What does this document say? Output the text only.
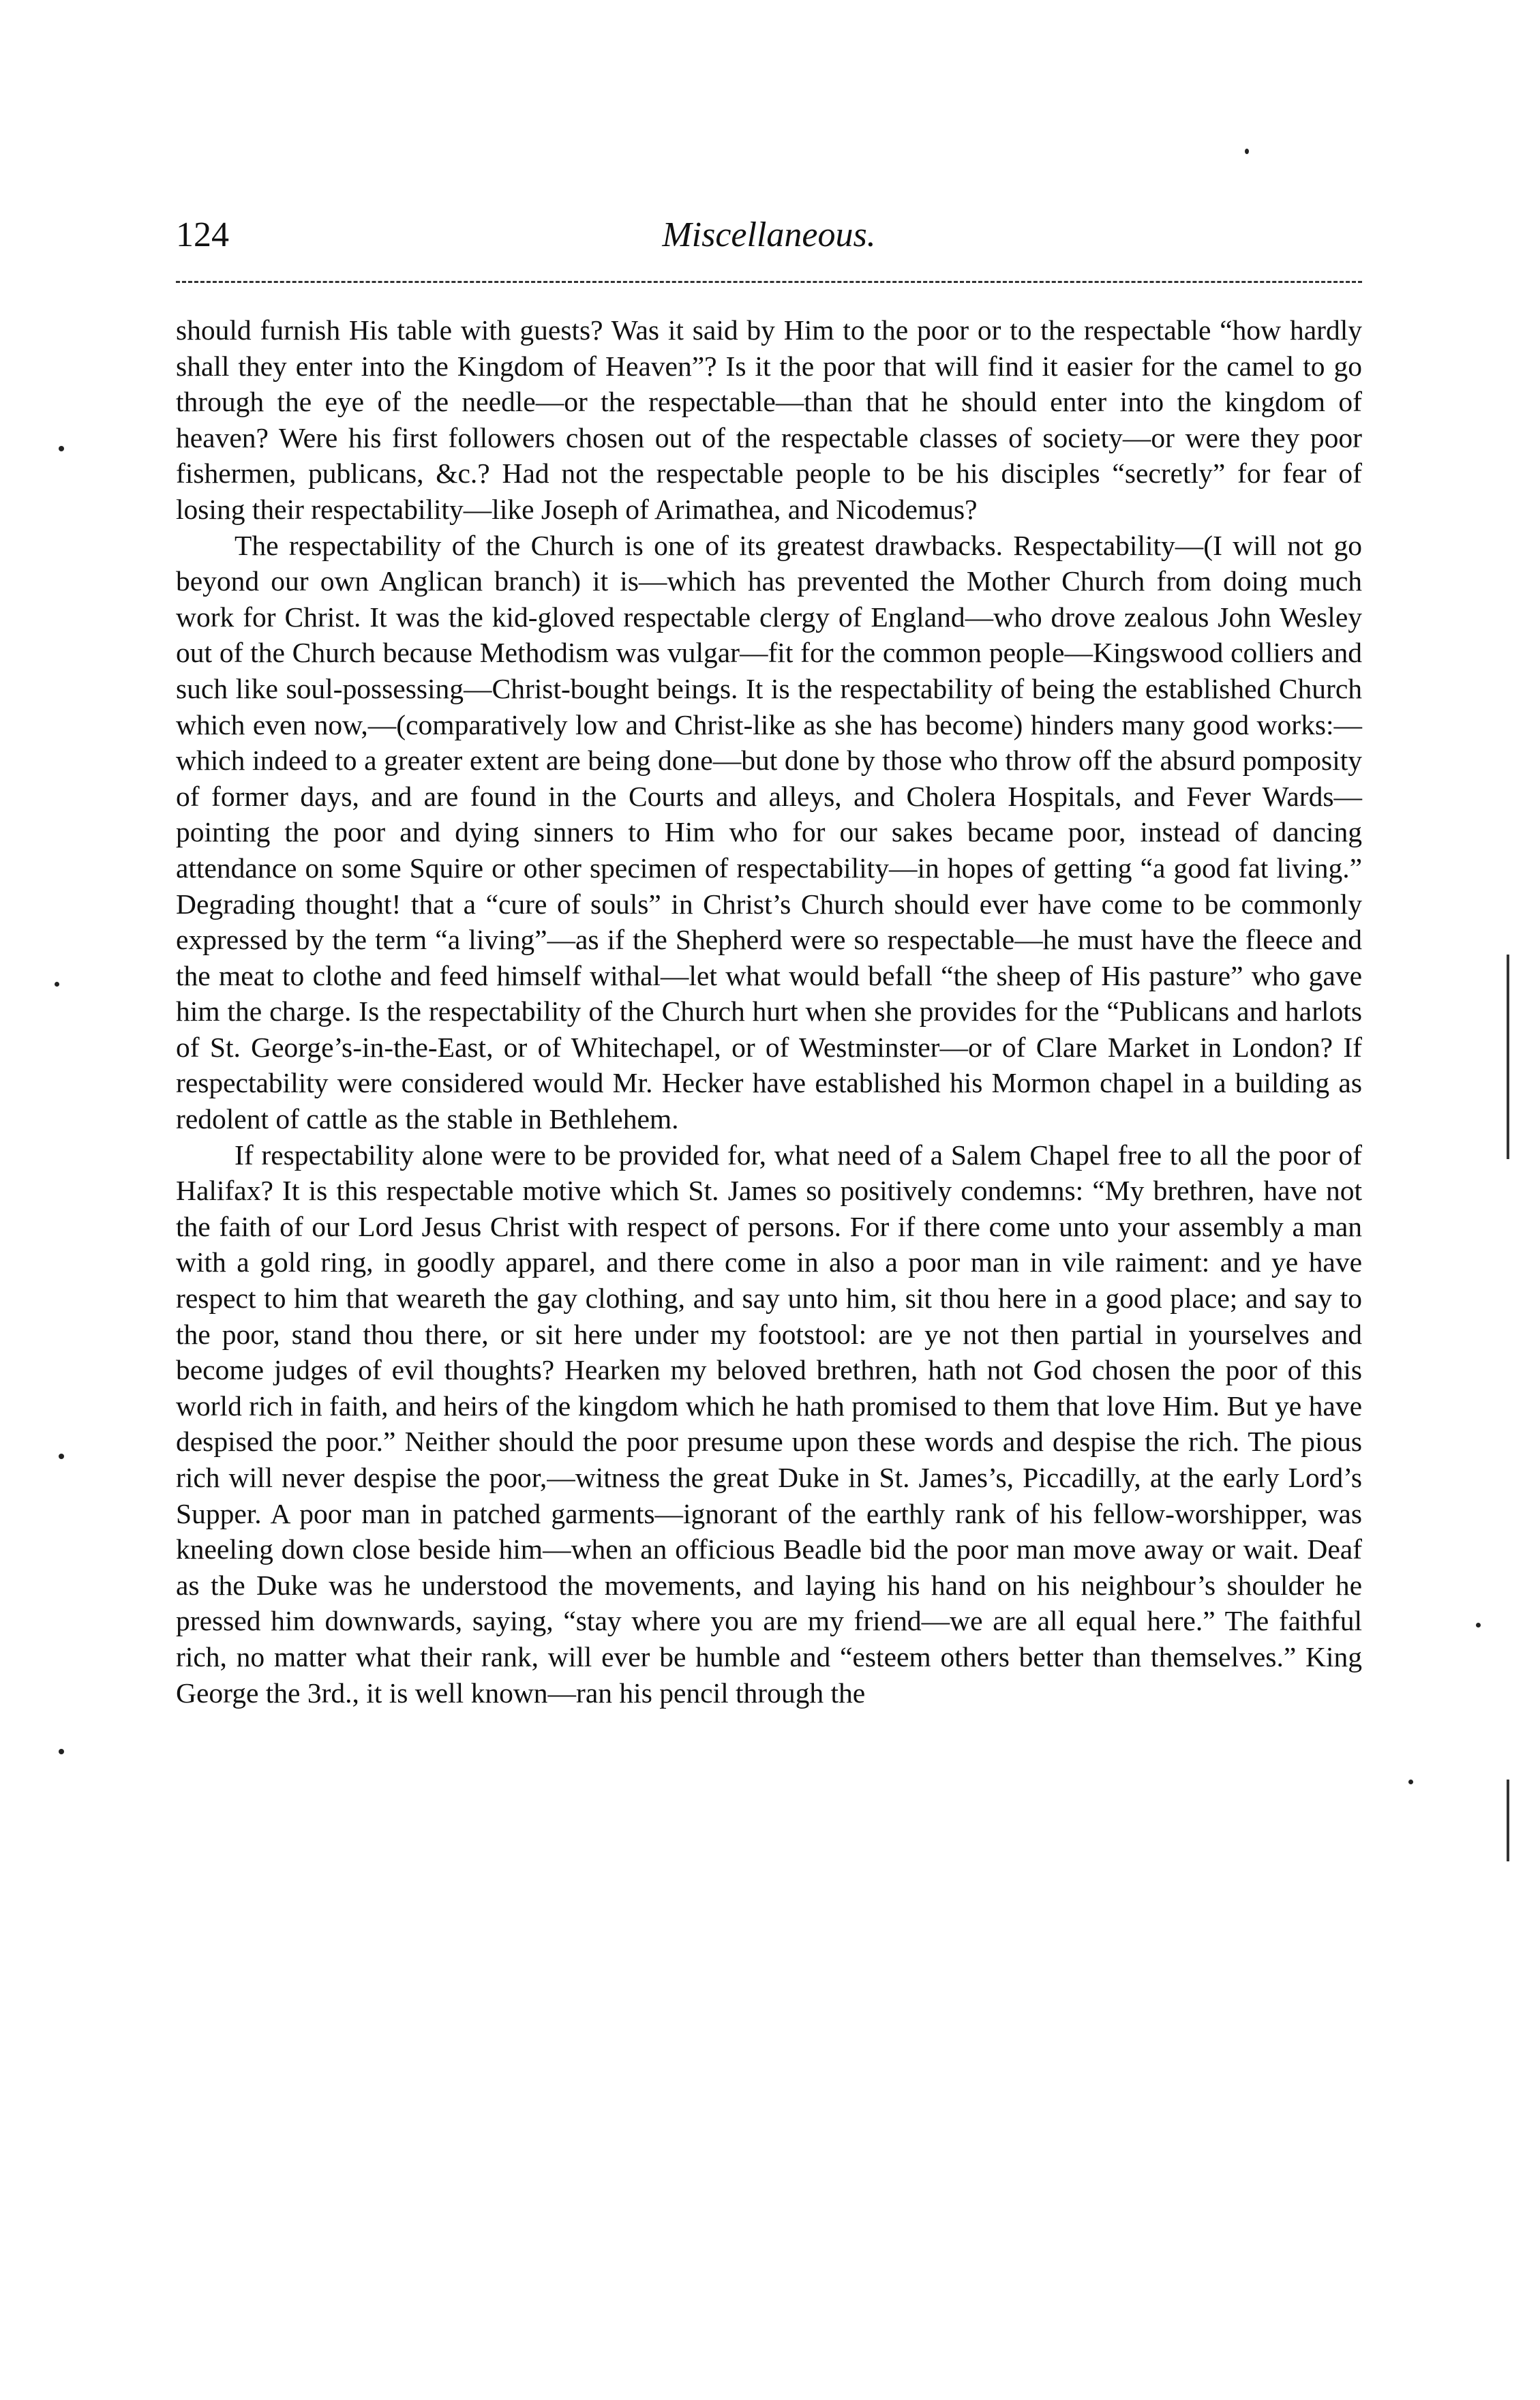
124	Miscellaneous.

should furnish His table with guests? Was it said by Him to the poor or to the respectable “how hardly shall they enter into the Kingdom of Heaven”? Is it the poor that will find it easier for the camel to go through the eye of the needle—or the respectable—than that he should enter into the kingdom of heaven? Were his first followers chosen out of the respectable classes of society—or were they poor fishermen, publicans, &c.? Had not the respectable people to be his disciples “secretly” for fear of losing their respectability—like Joseph of Arimathea, and Nicodemus?

The respectability of the Church is one of its greatest drawbacks. Respectability—(I will not go beyond our own Anglican branch) it is—which has prevented the Mother Church from doing much work for Christ. It was the kid-gloved respectable clergy of England—who drove zealous John Wesley out of the Church because Methodism was vulgar—fit for the common people—Kingswood colliers and such like soul-possessing—Christ-bought beings. It is the respectability of being the established Church which even now,—(comparatively low and Christ-like as she has become) hinders many good works:—which indeed to a greater extent are being done—but done by those who throw off the absurd pomposity of former days, and are found in the Courts and alleys, and Cholera Hospitals, and Fever Wards—pointing the poor and dying sinners to Him who for our sakes became poor, instead of dancing attendance on some Squire or other specimen of respectability—in hopes of getting “a good fat living.” Degrading thought! that a “cure of souls” in Christ’s Church should ever have come to be commonly expressed by the term “a living”—as if the Shepherd were so respectable—he must have the fleece and the meat to clothe and feed himself withal—let what would befall “the sheep of His pasture” who gave him the charge. Is the respectability of the Church hurt when she provides for the “Publicans and harlots of St. George’s-in-the-East, or of Whitechapel, or of Westminster—or of Clare Market in London? If respectability were considered would Mr. Hecker have established his Mormon chapel in a building as redolent of cattle as the stable in Bethlehem.

If respectability alone were to be provided for, what need of a Salem Chapel free to all the poor of Halifax? It is this respectable motive which St. James so positively condemns: “My brethren, have not the faith of our Lord Jesus Christ with respect of persons. For if there come unto your assembly a man with a gold ring, in goodly apparel, and there come in also a poor man in vile raiment: and ye have respect to him that weareth the gay clothing, and say unto him, sit thou here in a good place; and say to the poor, stand thou there, or sit here under my footstool: are ye not then partial in yourselves and become judges of evil thoughts? Hearken my beloved brethren, hath not God chosen the poor of this world rich in faith, and heirs of the kingdom which he hath promised to them that love Him. But ye have despised the poor.” Neither should the poor presume upon these words and despise the rich. The pious rich will never despise the poor,—witness the great Duke in St. James’s, Piccadilly, at the early Lord’s Supper. A poor man in patched garments—ignorant of the earthly rank of his fellow-worshipper, was kneeling down close beside him—when an officious Beadle bid the poor man move away or wait. Deaf as the Duke was he understood the movements, and laying his hand on his neighbour’s shoulder he pressed him downwards, saying, “stay where you are my friend—we are all equal here.” The faithful rich, no matter what their rank, will ever be humble and “esteem others better than themselves.” King George the 3rd., it is well known—ran his pencil through the
